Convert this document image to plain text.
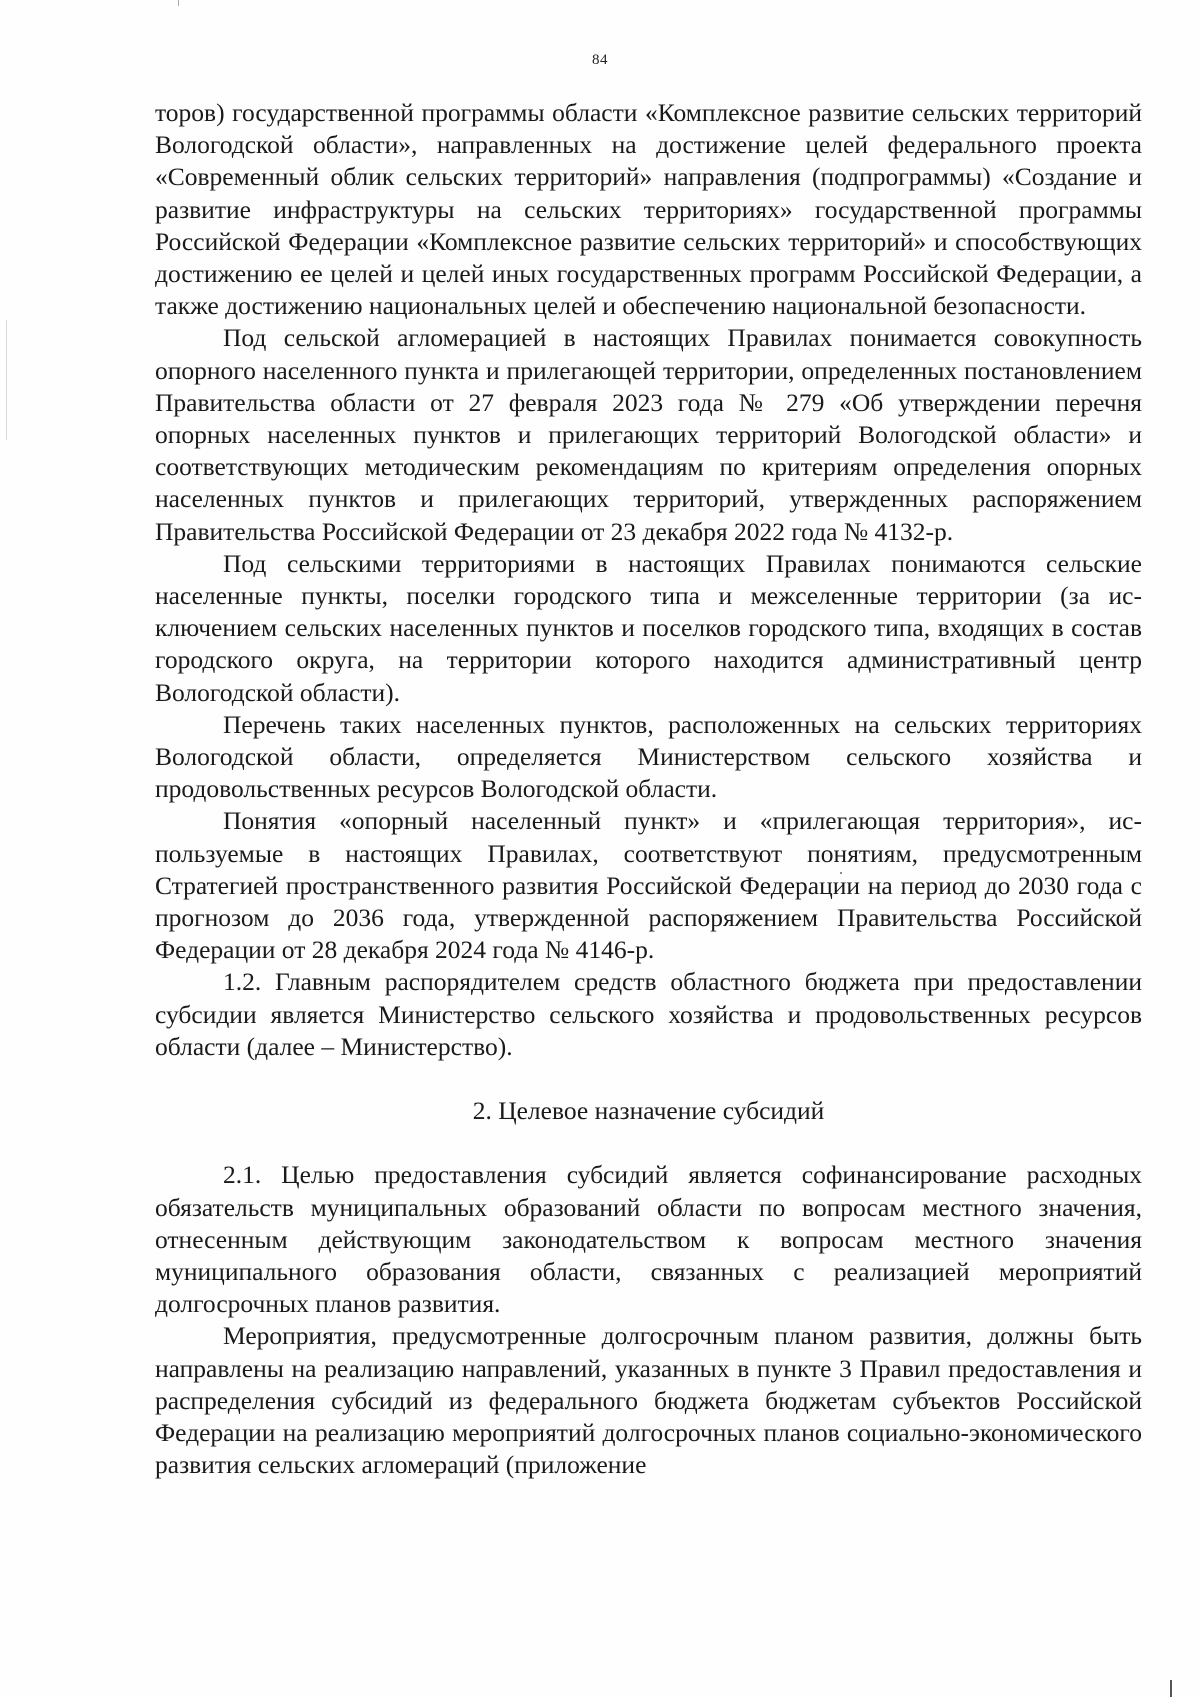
84

торов) государственной программы области «Комплексное развитие сельских территорий Вологодской области», направленных на достижение целей федерального проекта «Современный облик сельских территорий» направления (подпрограммы) «Создание и развитие инфраструктуры на сельских территориях» государственной программы Российской Федерации «Комплексное развитие сельских территорий» и способствующих достижению ее целей и целей иных государственных программ Российской Федерации, а также достижению национальных целей и обеспечению национальной безопасности.

Под сельской агломерацией в настоящих Правилах понимается совокупность опорного населенного пункта и прилегающей территории, определенных постановлением Правительства области от 27 февраля 2023 года № 279 «Об утверждении перечня опорных населенных пунктов и прилегающих территорий Вологодской области» и соответствующих методическим рекомендациям по критериям определения опорных населенных пунктов и прилегающих территорий, утвержденных распоряжением Правительства Российской Федерации от 23 декабря 2022 года № 4132-р.

Под сельскими территориями в настоящих Правилах понимаются сельские населенные пункты, поселки городского типа и межселенные территории (за исключением сельских населенных пунктов и поселков городского типа, входящих в состав городского округа, на территории которого находится административный центр Вологодской области).

Перечень таких населенных пунктов, расположенных на сельских территориях Вологодской области, определяется Министерством сельского хозяйства и продовольственных ресурсов Вологодской области.

Понятия «опорный населенный пункт» и «прилегающая территория», используемые в настоящих Правилах, соответствуют понятиям, предусмотренным Стратегией пространственного развития Российской Федерации на период до 2030 года с прогнозом до 2036 года, утвержденной распоряжением Правительства Российской Федерации от 28 декабря 2024 года № 4146-р.

1.2. Главным распорядителем средств областного бюджета при предоставлении субсидии является Министерство сельского хозяйства и продовольственных ресурсов области (далее – Министерство).

2. Целевое назначение субсидий

2.1. Целью предоставления субсидий является софинансирование расходных обязательств муниципальных образований области по вопросам местного значения, отнесенным действующим законодательством к вопросам местного значения муниципального образования области, связанных с реализацией мероприятий долгосрочных планов развития.

Мероприятия, предусмотренные долгосрочным планом развития, должны быть направлены на реализацию направлений, указанных в пункте 3 Правил предоставления и распределения субсидий из федерального бюджета бюджетам субъектов Российской Федерации на реализацию мероприятий долгосрочных планов социально-экономического развития сельских агломераций (приложение
